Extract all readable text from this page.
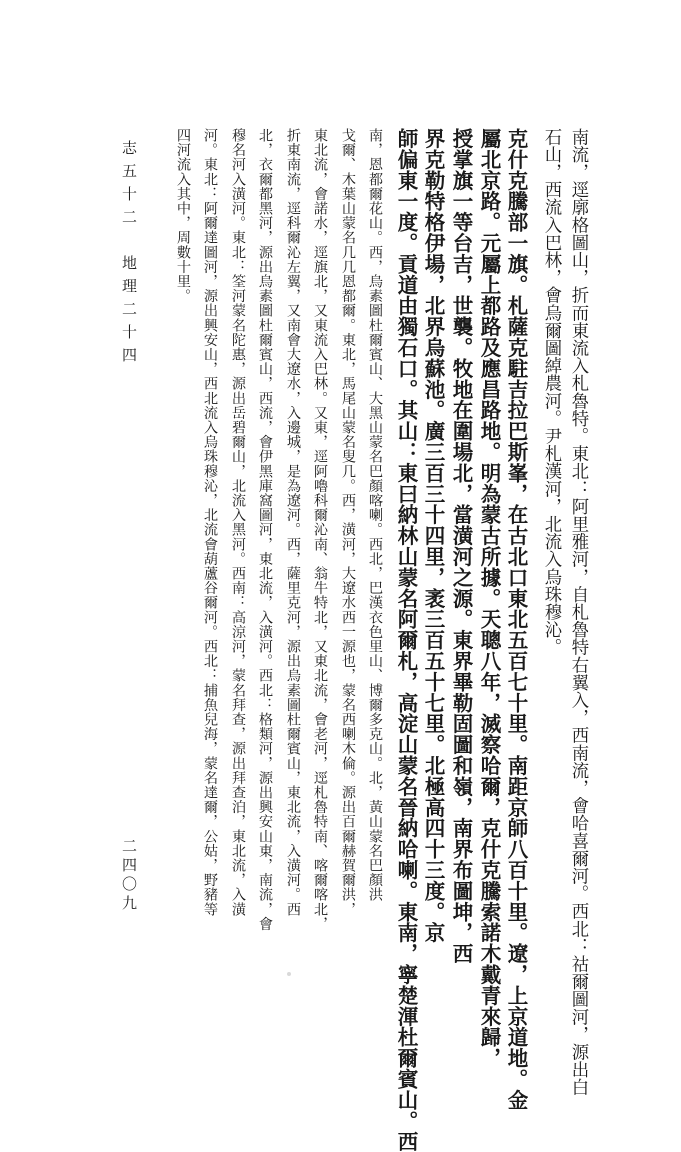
南流，逕廓格圖山，折而東流入札魯特。東北：阿里雅河，自札魯特右翼入，西南流，會哈喜爾河。西北：祜爾圖河，源出白
石山，西流入巴林，會烏爾圖綽農河。尹札漢河，北流入烏珠穆沁。
克什克騰部一旗。札薩克駐吉拉巴斯峯，在古北口東北五百七十里。南距京師八百十里。遼，上京道地。金
屬北京路。元屬上都路及應昌路地。明為蒙古所據。天聰八年，滅察哈爾，克什克騰索諾木戴青來歸，
授掌旗一等台吉，世襲。牧地在圍場北，當潢河之源。東界畢勒固圖和嶺，南界布圖坤，西
界克勒特格伊場，北界烏蘇池。廣三百三十四里，袤三百五十七里。北極高四十三度。京
師偏東一度。貢道由獨石口。其山：東曰納林山蒙名阿爾札，高淀山蒙名晉納哈喇。東南，寧楚渾杜爾賓山。西
南，恩都爾花山。西，烏素圖杜爾賓山、大黑山蒙名巴顏喀喇。西北，巴漢衣色里山、博爾多克山。北，黃山蒙名巴顏洪
戈爾、木葉山蒙名几几恩都爾。東北，馬尾山蒙名叟几。西，潢河，大遼水西一源也，蒙名西喇木倫。源出百爾赫賀爾洪，
東北流，會諾水，逕旗北，又東流入巴林。又東，逕阿嚕科爾沁南、翁牛特北，又東北流，會老河，逕札魯特南、喀爾喀北，
折東南流，逕科爾沁左翼，又南會大遼水，入邊城，是為遼河。西，薩里克河，源出烏素圖杜爾賓山，東北流，入潢河。西
北，衣爾都黑河，源出烏素圖杜爾賓山，西流，會伊黑庫窩圖河，東北流，入潢河。西北：格類河，源出興安山東，南流，會
穆名河入潢河。東北：筌河蒙名陀惠，源出岳碧爾山，北流入黑河。西南：高涼河，蒙名拜查，源出拜查泊，東北流，入潢
河。東北：阿爾達圖河，源出興安山，西北流入烏珠穆沁，北流會葫蘆谷爾河。西北：捕魚兒海，蒙名達爾，公姑，野豬等
四河流入其中，周數十里。
志五十二　地理二十四
二四〇九
